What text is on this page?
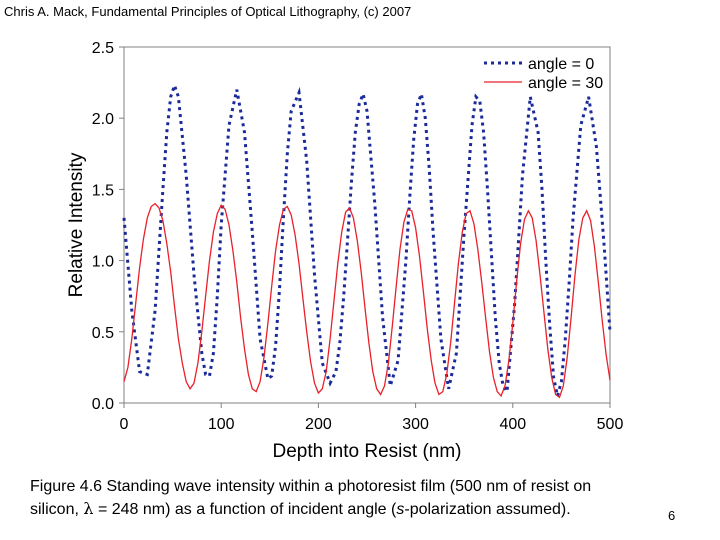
Chris A. Mack, Fundamental Principles of Optical Lithography, (c) 2007
0	100	200	300	400	500
0.0
0.5
1.0
1.5
2.0
2.5
angle = 0
angle = 30
Depth into Resist (nm)
Relative Intensity
Figure 4.6 Standing wave intensity within a photoresist film (500 nm of resist on
silicon, λ = 248 nm) as a function of incident angle (s-polarization assumed).	6
